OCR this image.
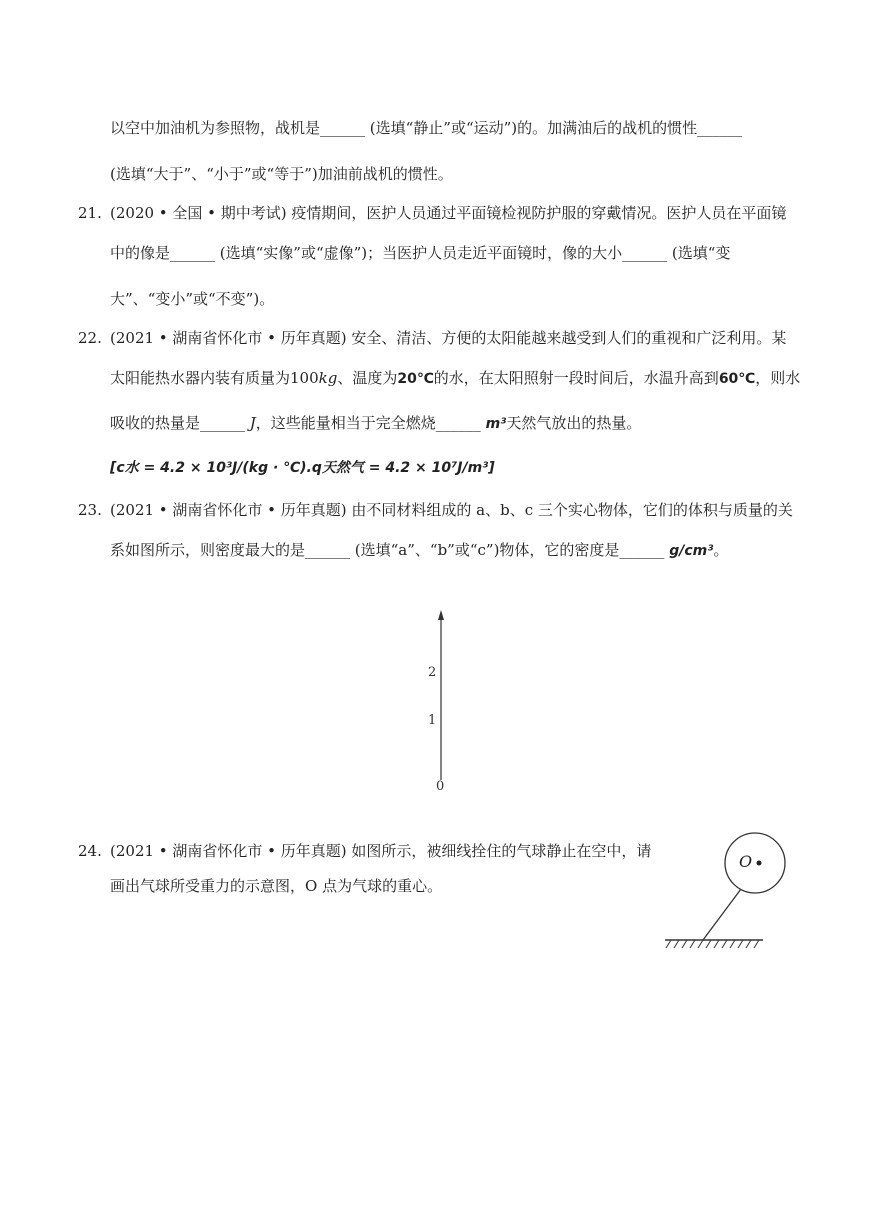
以空中加油机为参照物，战机是______ (选填“静止”或“运动”)的。加满油后的战机的惯性______
(选填“大于”、“小于”或“等于”)加油前战机的惯性。
21. (2020 • 全国 • 期中考试) 疫情期间，医护人员通过平面镜检视防护服的穿戴情况。医护人员在平面镜
中的像是______ (选填“实像”或“虚像”)；当医护人员走近平面镜时，像的大小______ (选填“变
大”、“变小”或“不变”)。
22. (2021 • 湖南省怀化市 • 历年真题) 安全、清洁、方便的太阳能越来越受到人们的重视和广泛利用。某
太阳能热水器内装有质量为100kg、温度为20℃的水，在太阳照射一段时间后，水温升高到60℃，则水
吸收的热量是______ J，这些能量相当于完全燃烧______ m³天然气放出的热量。
[c水 = 4.2 × 10³J/(kg · ℃).q天然气 = 4.2 × 10⁷J/m³]
23. (2021 • 湖南省怀化市 • 历年真题) 由不同材料组成的 a、b、c 三个实心物体，它们的体积与质量的关
系如图所示，则密度最大的是______ (选填“a”、“b”或“c”)物体，它的密度是______ g/cm³。
2
1
0
24. (2021 • 湖南省怀化市 • 历年真题) 如图所示，被细线拴住的气球静止在空中，请
画出气球所受重力的示意图，O 点为气球的重心。
O
